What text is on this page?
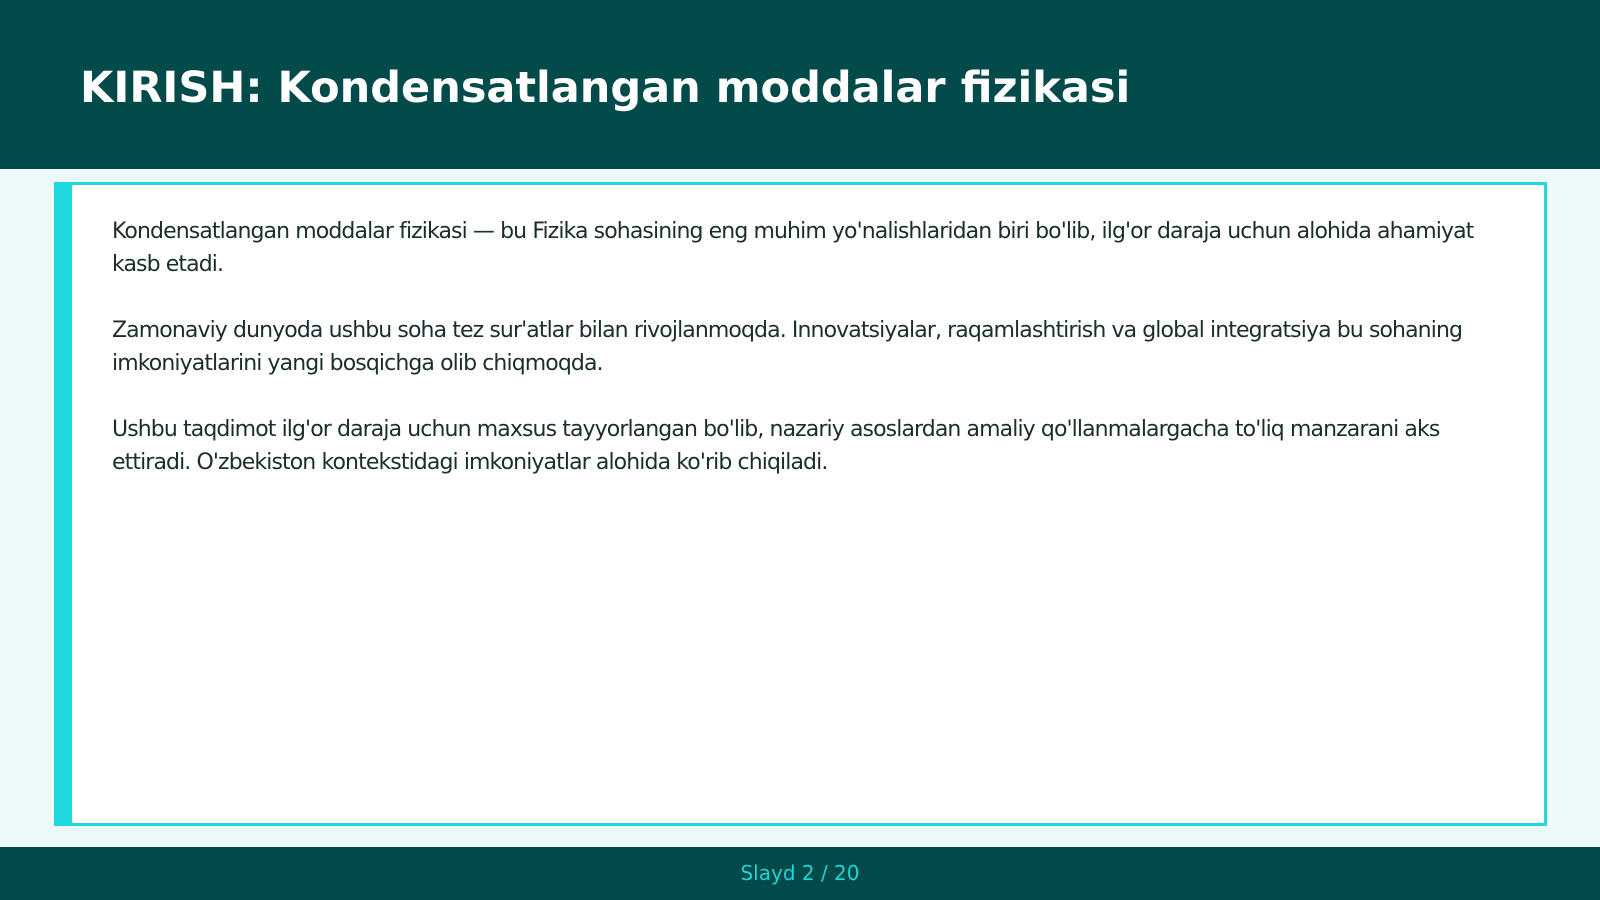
KIRISH: Kondensatlangan moddalar fizikasi

Kondensatlangan moddalar fizikasi — bu Fizika sohasining eng muhim yo'nalishlaridan biri bo'lib, ilg'or daraja uchun alohida ahamiyat kasb etadi.

Zamonaviy dunyoda ushbu soha tez sur'atlar bilan rivojlanmoqda. Innovatsiyalar, raqamlashtirish va global integratsiya bu sohaning imkoniyatlarini yangi bosqichga olib chiqmoqda.

Ushbu taqdimot ilg'or daraja uchun maxsus tayyorlangan bo'lib, nazariy asoslardan amaliy qo'llanmalargacha to'liq manzarani aks ettiradi. O'zbekiston kontekstidagi imkoniyatlar alohida ko'rib chiqiladi.

Slayd 2 / 20
